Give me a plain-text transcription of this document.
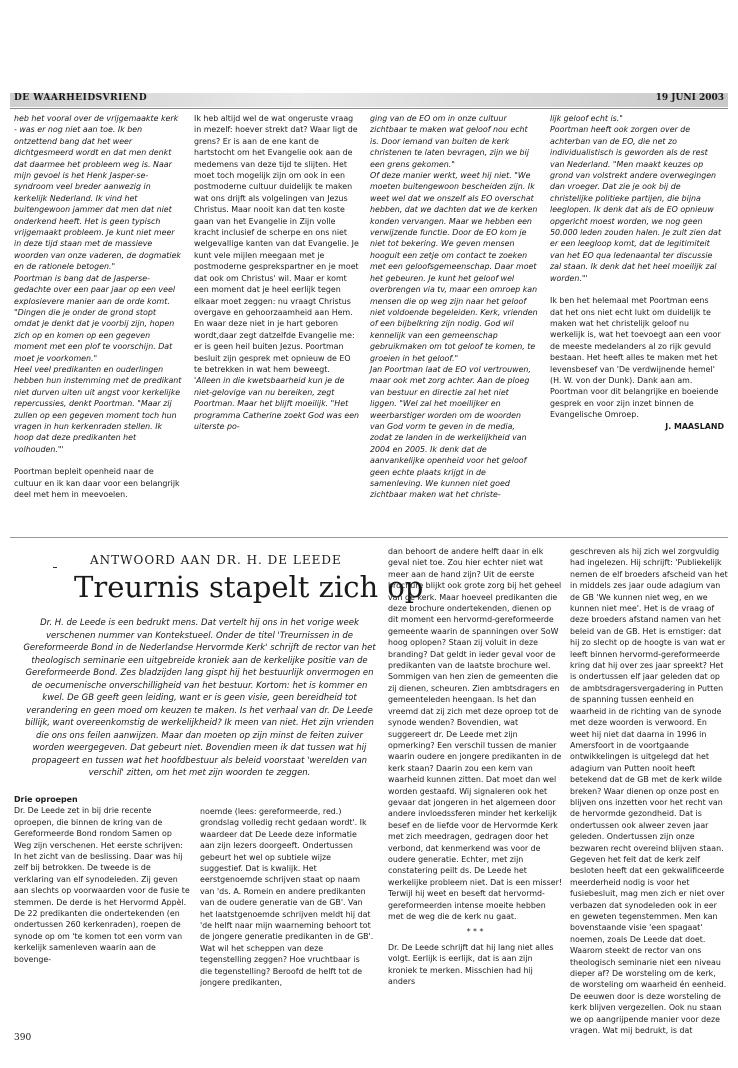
DE WAARHEIDSVRIEND	19 JUNI 2003

heb het vooral over de vrijgemaakte kerk - was er nog niet aan toe. Ik ben ontzettend bang dat het weer dichtgesmeerd wordt en dat men denkt dat daarmee het probleem weg is. Naar mijn gevoel is het Henk Jasper-se-syndroom veel breder aanwezig in kerkelijk Nederland. Ik vind het buitengewoon jammer dat men dat niet onderkend heeft. Het is geen typisch vrijgemaakt probleem. Je kunt niet meer in deze tijd staan met de massieve woorden van onze vaderen, de dogmatiek en de rationele betogen."

Poortman is bang dat de Jasperse-gedachte over een paar jaar op een veel explosievere manier aan de orde komt. "Dingen die je onder de grond stopt omdat je denkt dat je voorbij zijn, hopen zich op en komen op een gegeven moment met een plof te voorschijn. Dat moet je voorkomen."

Heel veel predikanten en ouderlingen hebben hun instemming met de predikant niet durven uiten uit angst voor kerkelijke repercussies, denkt Poortman. "Maar zij zullen op een gegeven moment toch hun vragen in hun kerkenraden stellen. Ik hoop dat deze predikanten het volhouden."'

Poortman bepleit openheid naar de cultuur en ik kan daar voor een belangrijk deel met hem in meevoelen.

Ik heb altijd wel de wat ongeruste vraag in mezelf: hoever strekt dat? Waar ligt de grens? Er is aan de ene kant de hartstocht om het Evangelie ook aan de medemens van deze tijd te slijten. Het moet toch mogelijk zijn om ook in een postmoderne cultuur duidelijk te maken wat ons drijft als volgelingen van Jezus Christus. Maar nooit kan dat ten koste gaan van het Evangelie in Zijn volle kracht inclusief de scherpe en ons niet welgevallige kanten van dat Evangelie. Je kunt vele mijlen meegaan met je postmoderne gesprekspartner en je moet dat ook om Christus' wil. Maar er komt een moment dat je heel eerlijk tegen elkaar moet zeggen: nu vraagt Christus overgave en gehoorzaamheid aan Hem. En waar deze niet in je hart geboren wordt,daar zegt datzelfde Evangelie me: er is geen heil buiten Jezus. Poortman besluit zijn gesprek met opnieuw de EO te betrekken in wat hem beweegt.

'Alleen in die kwetsbaarheid kun je de niet-gelovige van nu bereiken, zegt Poortman. Maar het blijft moeilijk. "Het programma Catherine zoekt God was een uiterste po-

ging van de EO om in onze cultuur zichtbaar te maken wat geloof nou echt is. Door iemand van buiten de kerk christenen te laten bevragen, zijn we bij een grens gekomen."

Of deze manier werkt, weet hij niet. "We moeten buitengewoon bescheiden zijn. Ik weet wel dat we onszelf als EO overschat hebben, dat we dachten dat we de kerken konden vervangen. Maar we hebben een verwijzende functie. Door de EO kom je niet tot bekering. We geven mensen hooguit een zetje om contact te zoeken met een geloofsgemeenschap. Daar moet het gebeuren. Je kunt het geloof wel overbrengen via tv, maar een omroep kan mensen die op weg zijn naar het geloof niet voldoende begeleiden. Kerk, vrienden of een bijbelkring zijn nodig. God wil kennelijk van een gemeenschap gebruikmaken om tot geloof te komen, te groeien in het geloof."

Jan Poortman laat de EO vol vertrouwen, maar ook met zorg achter. Aan de ploeg van bestuur en directie zal het niet liggen. "Wel zal het moeilijker en weerbarstiger worden om de woorden van God vorm te geven in de media, zodat ze landen in de werkelijkheid van 2004 en 2005. Ik denk dat de aanvankelijke openheid voor het geloof geen echte plaats krijgt in de samenleving. We kunnen niet goed zichtbaar maken wat het christe-

lijk geloof echt is."

Poortman heeft ook zorgen over de achterban van de EO, die net zo individualistisch is geworden als de rest van Nederland. "Men maakt keuzes op grond van volstrekt andere overwegingen dan vroeger. Dat zie je ook bij de christelijke politieke partijen, die bijna leeglopen. Ik denk dat als de EO opnieuw opgericht moest worden, we nog geen 50.000 leden zouden halen. Je zult zien dat er een leegloop komt, dat de legitimiteit van het EO qua ledenaantal ter discussie zal staan. Ik denk dat het heel moeilijk zal worden."'

Ik ben het helemaal met Poortman eens dat het ons niet echt lukt om duidelijk te maken wat het christelijk geloof nu werkelijk is, wat het toevoegt aan een voor de meeste medelanders al zo rijk gevuld bestaan. Het heeft alles te maken met het levensbesef van 'De verdwijnende hemel' (H. W. von der Dunk). Dank aan am. Poortman voor dit belangrijke en boeiende gesprek en voor zijn inzet binnen de Evangelische Omroep.

J. MAASLAND

ANTWOORD AAN DR. H. DE LEEDE
Treurnis stapelt zich op
Dr. H. de Leede is een bedrukt mens. Dat vertelt hij ons in het vorige week verschenen nummer van Kontekstueel. Onder de titel 'Treurnissen in de Gereformeerde Bond in de Nederlandse Hervormde Kerk' schrijft de rector van het theologisch seminarie een uitgebreide kroniek aan de kerkelijke positie van de Gereformeerde Bond. Zes bladzijden lang gispt hij het bestuurlijk onvermogen en de oecumenische onverschilligheid van het bestuur. Kortom: het is kommer en kwel. De GB geeft geen leiding, want er is geen visie, geen bereidheid tot verandering en geen moed om keuzen te maken. Is het verhaal van dr. De Leede billijk, want overeenkomstig de werkelijkheid? Ik meen van niet. Het zijn vrienden die ons ons feilen aanwijzen. Maar dan moeten op zijn minst de feiten zuiver worden weergegeven. Dat gebeurt niet. Bovendien meen ik dat tussen wat hij propageert en tussen wat het hoofdbestuur als beleid voorstaat 'werelden van verschil' zitten, om het met zijn woorden te zeggen.

Drie oproepen

Dr. De Leede zet in bij drie recente oproepen, die binnen de kring van de Gereformeerde Bond rondom Samen op Weg zijn verschenen. Het eerste schrijven: In het zicht van de beslissing. Daar was hij zelf bij betrokken. De tweede is de verklaring van elf synodeleden. Zij geven aan slechts op voorwaarden voor de fusie te stemmen. De derde is het Hervormd Appèl. De 22 predikanten die ondertekenden (en ondertussen 260 kerkenraden), roepen de synode op om 'te komen tot een vorm van kerkelijk samenleven waarin aan de bovenge-

noemde (lees: gereformeerde, red.) grondslag volledig recht gedaan wordt'. Ik waardeer dat De Leede deze informatie aan zijn lezers doorgeeft. Ondertussen gebeurt het wel op subtiele wijze suggestief. Dat is kwalijk. Het eerstgenoemde schrijven staat op naam van 'ds. A. Romein en andere predikanten van de oudere generatie van de GB'. Van het laatstgenoemde schrijven meldt hij dat 'de helft naar mijn waarneming behoort tot de jongere generatie predikanten in de GB'. Wat wil het scheppen van deze tegenstelling zeggen? Hoe vruchtbaar is die tegenstelling? Beroofd de helft tot de jongere predikanten,

dan behoort de andere helft daar in elk geval niet toe. Zou hier echter niet wat meer aan de hand zijn? Uit de eerste brochure blijkt ook grote zorg bij het geheel van de kerk. Maar hoeveel predikanten die deze brochure ondertekenden, dienen op dit moment een hervormd-gereformeerde gemeente waarin de spanningen over SoW hoog oplopen? Staan zij voluit in deze branding? Dat geldt in ieder geval voor de predikanten van de laatste brochure wel. Sommigen van hen zien de gemeenten die zij dienen, scheuren. Zien ambtsdragers en gemeenteleden heengaan. Is het dan vreemd dat zij zich met deze oproep tot de synode wenden? Bovendien, wat suggereert dr. De Leede met zijn opmerking? Een verschil tussen de manier waarin oudere en jongere predikanten in de kerk staan? Daarin zou een kern van waarheid kunnen zitten. Dat moet dan wel worden gestaafd. Wij signaleren ook het gevaar dat jongeren in het algemeen door andere invloedssferen minder het kerkelijk besef en de liefde voor de Hervormde Kerk met zich meedragen, gedragen door het verbond, dat kenmerkend was voor de oudere generatie. Echter, met zijn constatering peilt ds. De Leede het werkelijke probleem niet. Dat is een misser! Terwijl hij weet en beseft dat hervormd-gereformeerden intense moeite hebben met de weg die de kerk nu gaat.

* * *

Dr. De Leede schrijft dat hij lang niet alles volgt. Eerlijk is eerlijk, dat is aan zijn kroniek te merken. Misschien had hij anders

geschreven als hij zich wel zorgvuldig had ingelezen. Hij schrijft: 'Publiekelijk nemen de elf broeders afscheid van het in middels zes jaar oude adagium van de GB 'We kunnen niet weg, en we kunnen niet mee'. Het is de vraag of deze broeders afstand namen van het beleid van de GB. Het is ernstiger: dat hij zo slecht op de hoogte is van wat er leeft binnen hervormd-gereformeerde kring dat hij over zes jaar spreekt? Het is ondertussen elf jaar geleden dat op de ambtsdragersvergadering in Putten de spanning tussen eenheid en waarheid in de richting van de synode met deze woorden is verwoord. En weet hij niet dat daarna in 1996 in Amersfoort in de voortgaande ontwikkelingen is uitgelegd dat het adagium van Putten nooit heeft betekend dat de GB met de kerk wilde breken? Waar dienen op onze post en blijven ons inzetten voor het recht van de hervormde gezondheid. Dat is ondertussen ook alweer zeven jaar geleden. Ondertussen zijn onze bezwaren recht overeind blijven staan. Gegeven het feit dat de kerk zelf besloten heeft dat een gekwalificeerde meerderheid nodig is voor het fusiebesluit, mag men zich er niet over verbazen dat synodeleden ook in eer en geweten tegenstemmen. Men kan bovenstaande visie 'een spagaat' noemen, zoals De Leede dat doet. Waarom steekt de rector van ons theologisch seminarie niet een niveau dieper af? De worsteling om de kerk, de worsteling om waarheid én eenheid. De eeuwen door is deze worsteling de kerk blijven vergezellen. Ook nu staan we op aangrijpende manier voor deze vragen. Wat mij bedrukt, is dat

390
